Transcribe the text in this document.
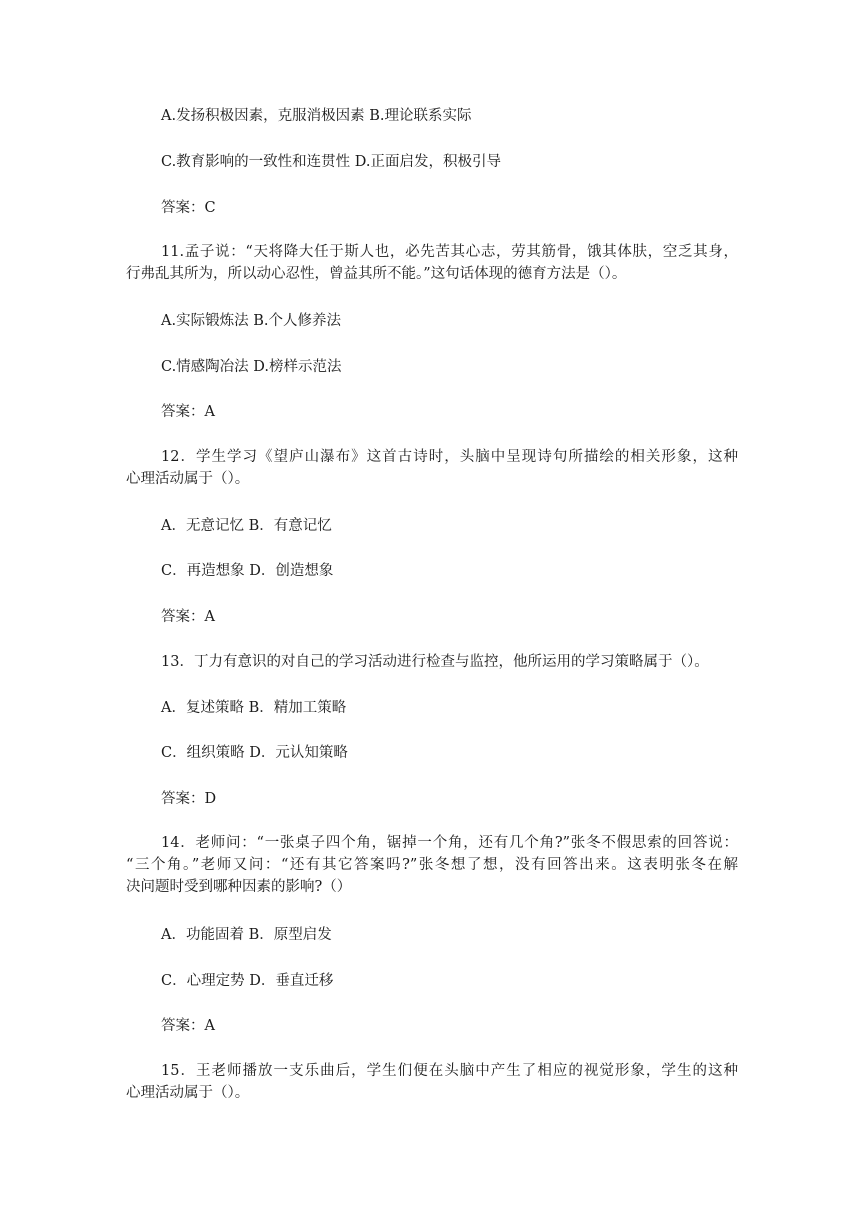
A.发扬积极因素，克服消极因素 B.理论联系实际
C.教育影响的一致性和连贯性 D.正面启发，积极引导
答案：C
11.孟子说：“天将降大任于斯人也，必先苦其心志，劳其筋骨，饿其体肤，空乏其身，
行弗乱其所为，所以动心忍性，曾益其所不能。”这句话体现的德育方法是（）。
A.实际锻炼法 B.个人修养法
C.情感陶冶法 D.榜样示范法
答案：A
12．学生学习《望庐山瀑布》这首古诗时，头脑中呈现诗句所描绘的相关形象，这种
心理活动属于（）。
A．无意记忆 B．有意记忆
C．再造想象 D．创造想象
答案：A
13．丁力有意识的对自己的学习活动进行检查与监控，他所运用的学习策略属于（）。
A．复述策略 B．精加工策略
C．组织策略 D．元认知策略
答案：D
14．老师问：“一张桌子四个角，锯掉一个角，还有几个角?”张冬不假思索的回答说：
“三个角。”老师又问：“还有其它答案吗?”张冬想了想，没有回答出来。这表明张冬在解
决问题时受到哪种因素的影响?（）
A．功能固着 B．原型启发
C．心理定势 D．垂直迁移
答案：A
15．王老师播放一支乐曲后，学生们便在头脑中产生了相应的视觉形象，学生的这种
心理活动属于（）。
